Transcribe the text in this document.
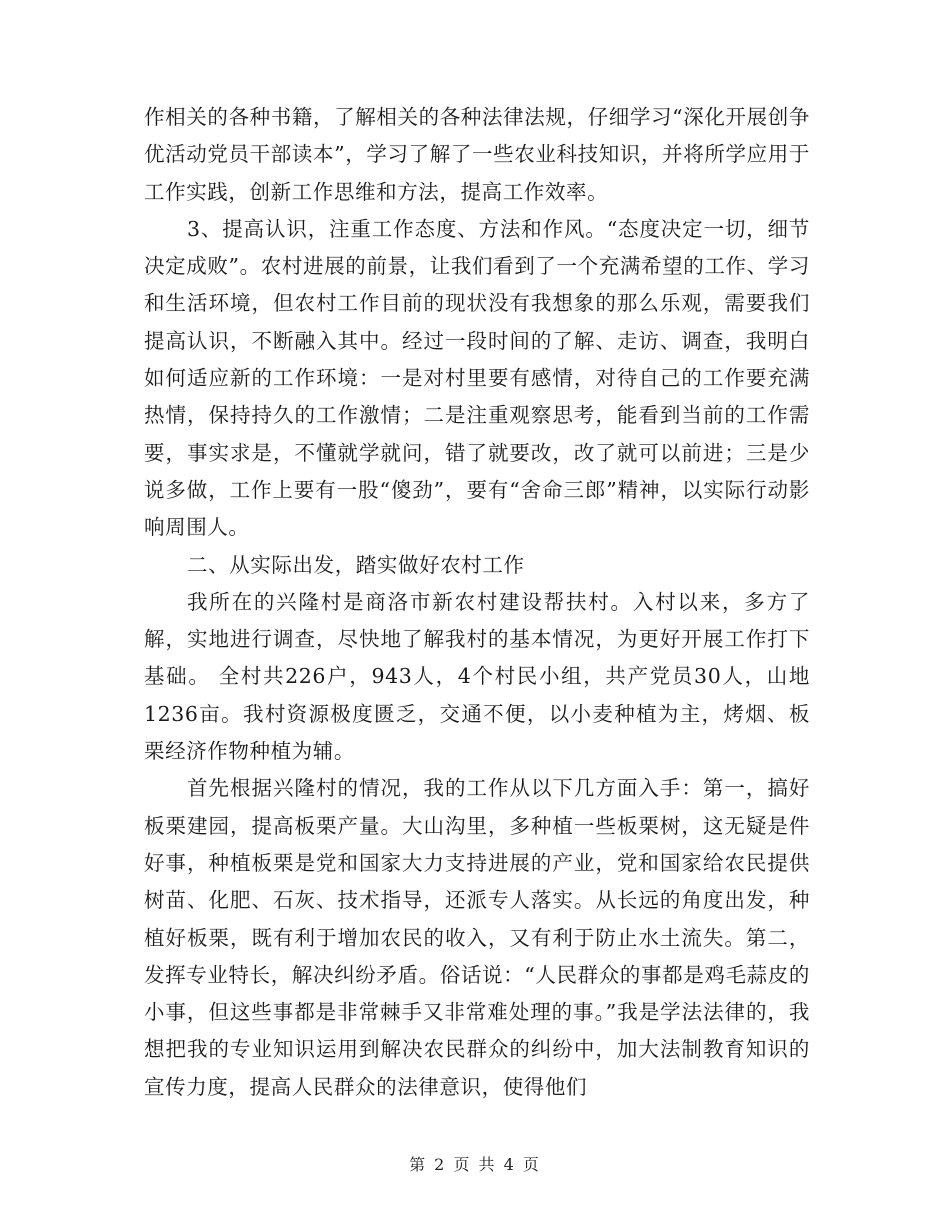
作相关的各种书籍，了解相关的各种法律法规，仔细学习“深化开展创争优活动党员干部读本”，学习了解了一些农业科技知识，并将所学应用于工作实践，创新工作思维和方法，提高工作效率。

3、提高认识，注重工作态度、方法和作风。“态度决定一切，细节决定成败”。农村进展的前景，让我们看到了一个充满希望的工作、学习和生活环境，但农村工作目前的现状没有我想象的那么乐观，需要我们提高认识，不断融入其中。经过一段时间的了解、走访、调查，我明白如何适应新的工作环境：一是对村里要有感情，对待自己的工作要充满热情，保持持久的工作激情；二是注重观察思考，能看到当前的工作需要，事实求是，不懂就学就问，错了就要改，改了就可以前进；三是少说多做，工作上要有一股“傻劲”，要有“舍命三郎”精神，以实际行动影响周围人。

二、从实际出发，踏实做好农村工作

我所在的兴隆村是商洛市新农村建设帮扶村。入村以来，多方了解，实地进行调查，尽快地了解我村的基本情况，为更好开展工作打下基础。 全村共226户，943人，4个村民小组，共产党员30人，山地1236亩。我村资源极度匮乏，交通不便，以小麦种植为主，烤烟、板栗经济作物种植为辅。

首先根据兴隆村的情况，我的工作从以下几方面入手：第一，搞好板栗建园，提高板栗产量。大山沟里，多种植一些板栗树，这无疑是件好事，种植板栗是党和国家大力支持进展的产业，党和国家给农民提供树苗、化肥、石灰、技术指导，还派专人落实。从长远的角度出发，种植好板栗，既有利于增加农民的收入，又有利于防止水土流失。第二，发挥专业特长，解决纠纷矛盾。俗话说：“人民群众的事都是鸡毛蒜皮的小事，但这些事都是非常棘手又非常难处理的事。”我是学法法律的，我想把我的专业知识运用到解决农民群众的纠纷中，加大法制教育知识的宣传力度，提高人民群众的法律意识，使得他们

第 2 页 共 4 页
